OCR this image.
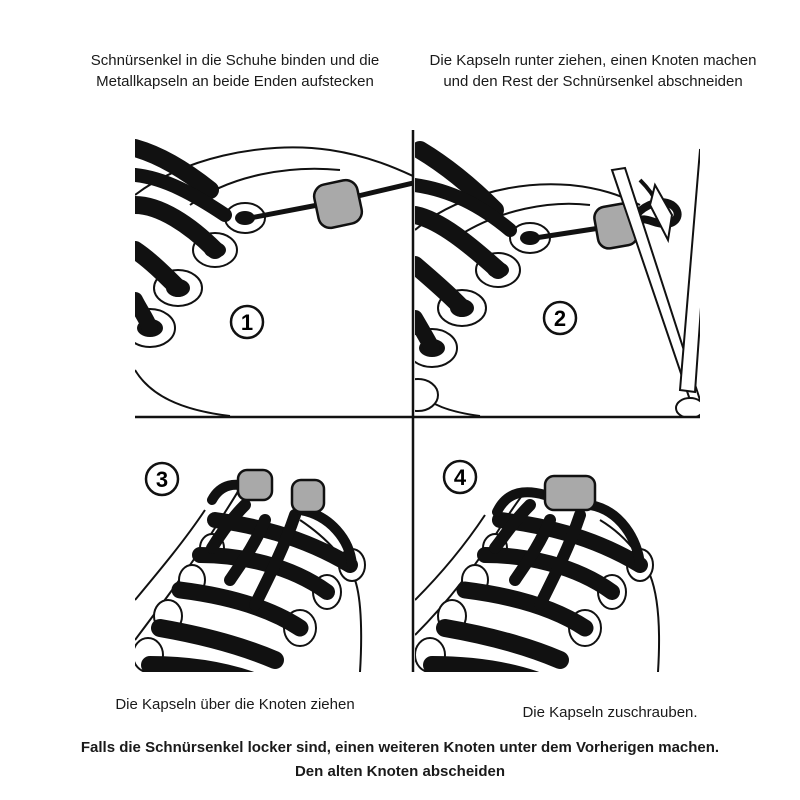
Schnürsenkel in die Schuhe binden und die Metallkapseln an beide Enden aufstecken
Die Kapseln runter ziehen, einen Knoten machen und den Rest der Schnürsenkel abschneiden
1	2
3	4
Die Kapseln über die Knoten ziehen	Die Kapseln zuschrauben.
Falls die Schnürsenkel locker sind, einen weiteren Knoten unter dem Vorherigen machen.
Den alten Knoten abscheiden
